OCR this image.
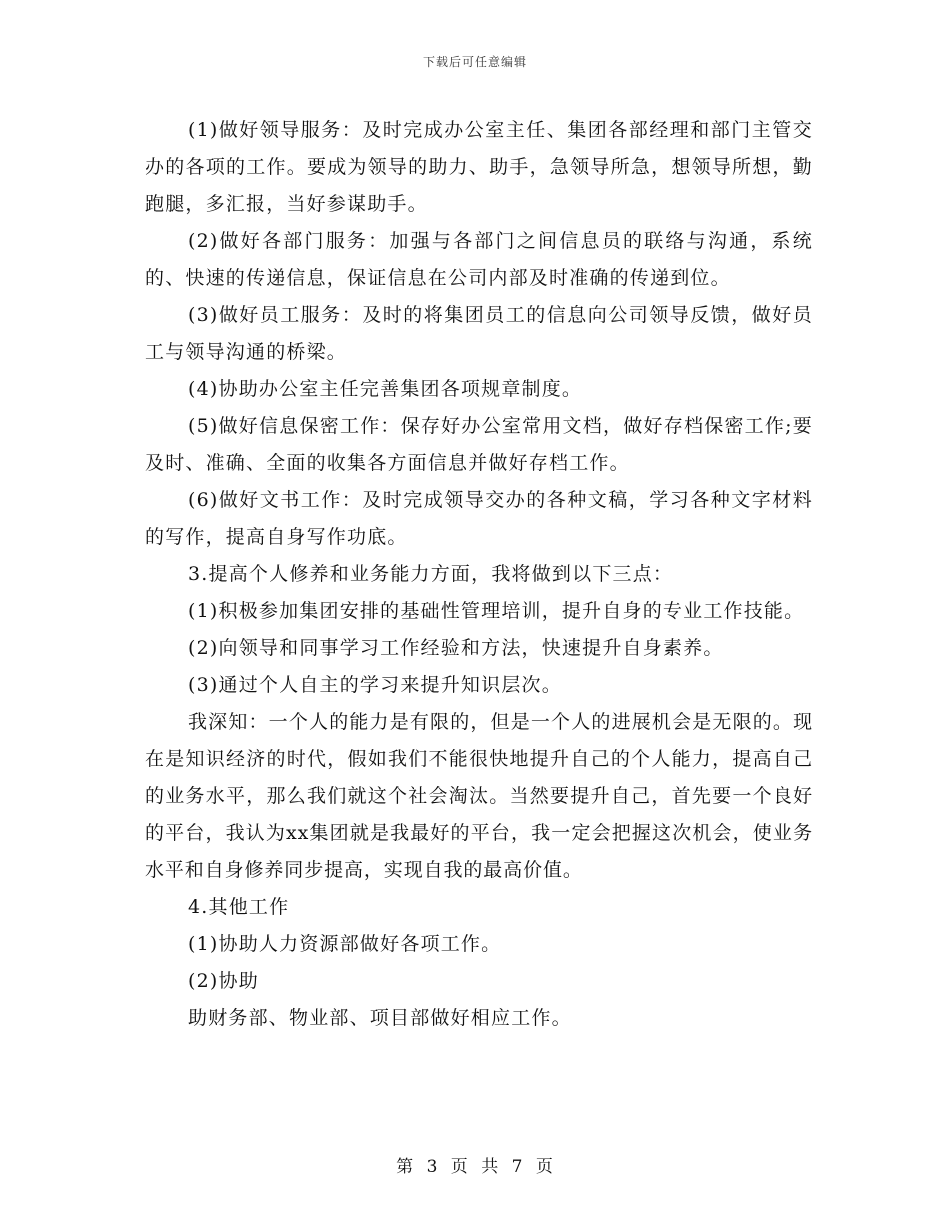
下载后可任意编辑

(1)做好领导服务：及时完成办公室主任、集团各部经理和部门主管交办的各项的工作。要成为领导的助力、助手，急领导所急，想领导所想，勤跑腿，多汇报，当好参谋助手。

(2)做好各部门服务：加强与各部门之间信息员的联络与沟通，系统的、快速的传递信息，保证信息在公司内部及时准确的传递到位。

(3)做好员工服务：及时的将集团员工的信息向公司领导反馈，做好员工与领导沟通的桥梁。

(4)协助办公室主任完善集团各项规章制度。

(5)做好信息保密工作：保存好办公室常用文档，做好存档保密工作;要及时、准确、全面的收集各方面信息并做好存档工作。

(6)做好文书工作：及时完成领导交办的各种文稿，学习各种文字材料的写作，提高自身写作功底。

3.提高个人修养和业务能力方面，我将做到以下三点：

(1)积极参加集团安排的基础性管理培训，提升自身的专业工作技能。

(2)向领导和同事学习工作经验和方法，快速提升自身素养。

(3)通过个人自主的学习来提升知识层次。

我深知：一个人的能力是有限的，但是一个人的进展机会是无限的。现在是知识经济的时代，假如我们不能很快地提升自己的个人能力，提高自己的业务水平，那么我们就这个社会淘汰。当然要提升自己，首先要一个良好的平台，我认为xx集团就是我最好的平台，我一定会把握这次机会，使业务水平和自身修养同步提高，实现自我的最高价值。

4.其他工作

(1)协助人力资源部做好各项工作。

(2)协助

助财务部、物业部、项目部做好相应工作。

第 3 页 共 7 页
